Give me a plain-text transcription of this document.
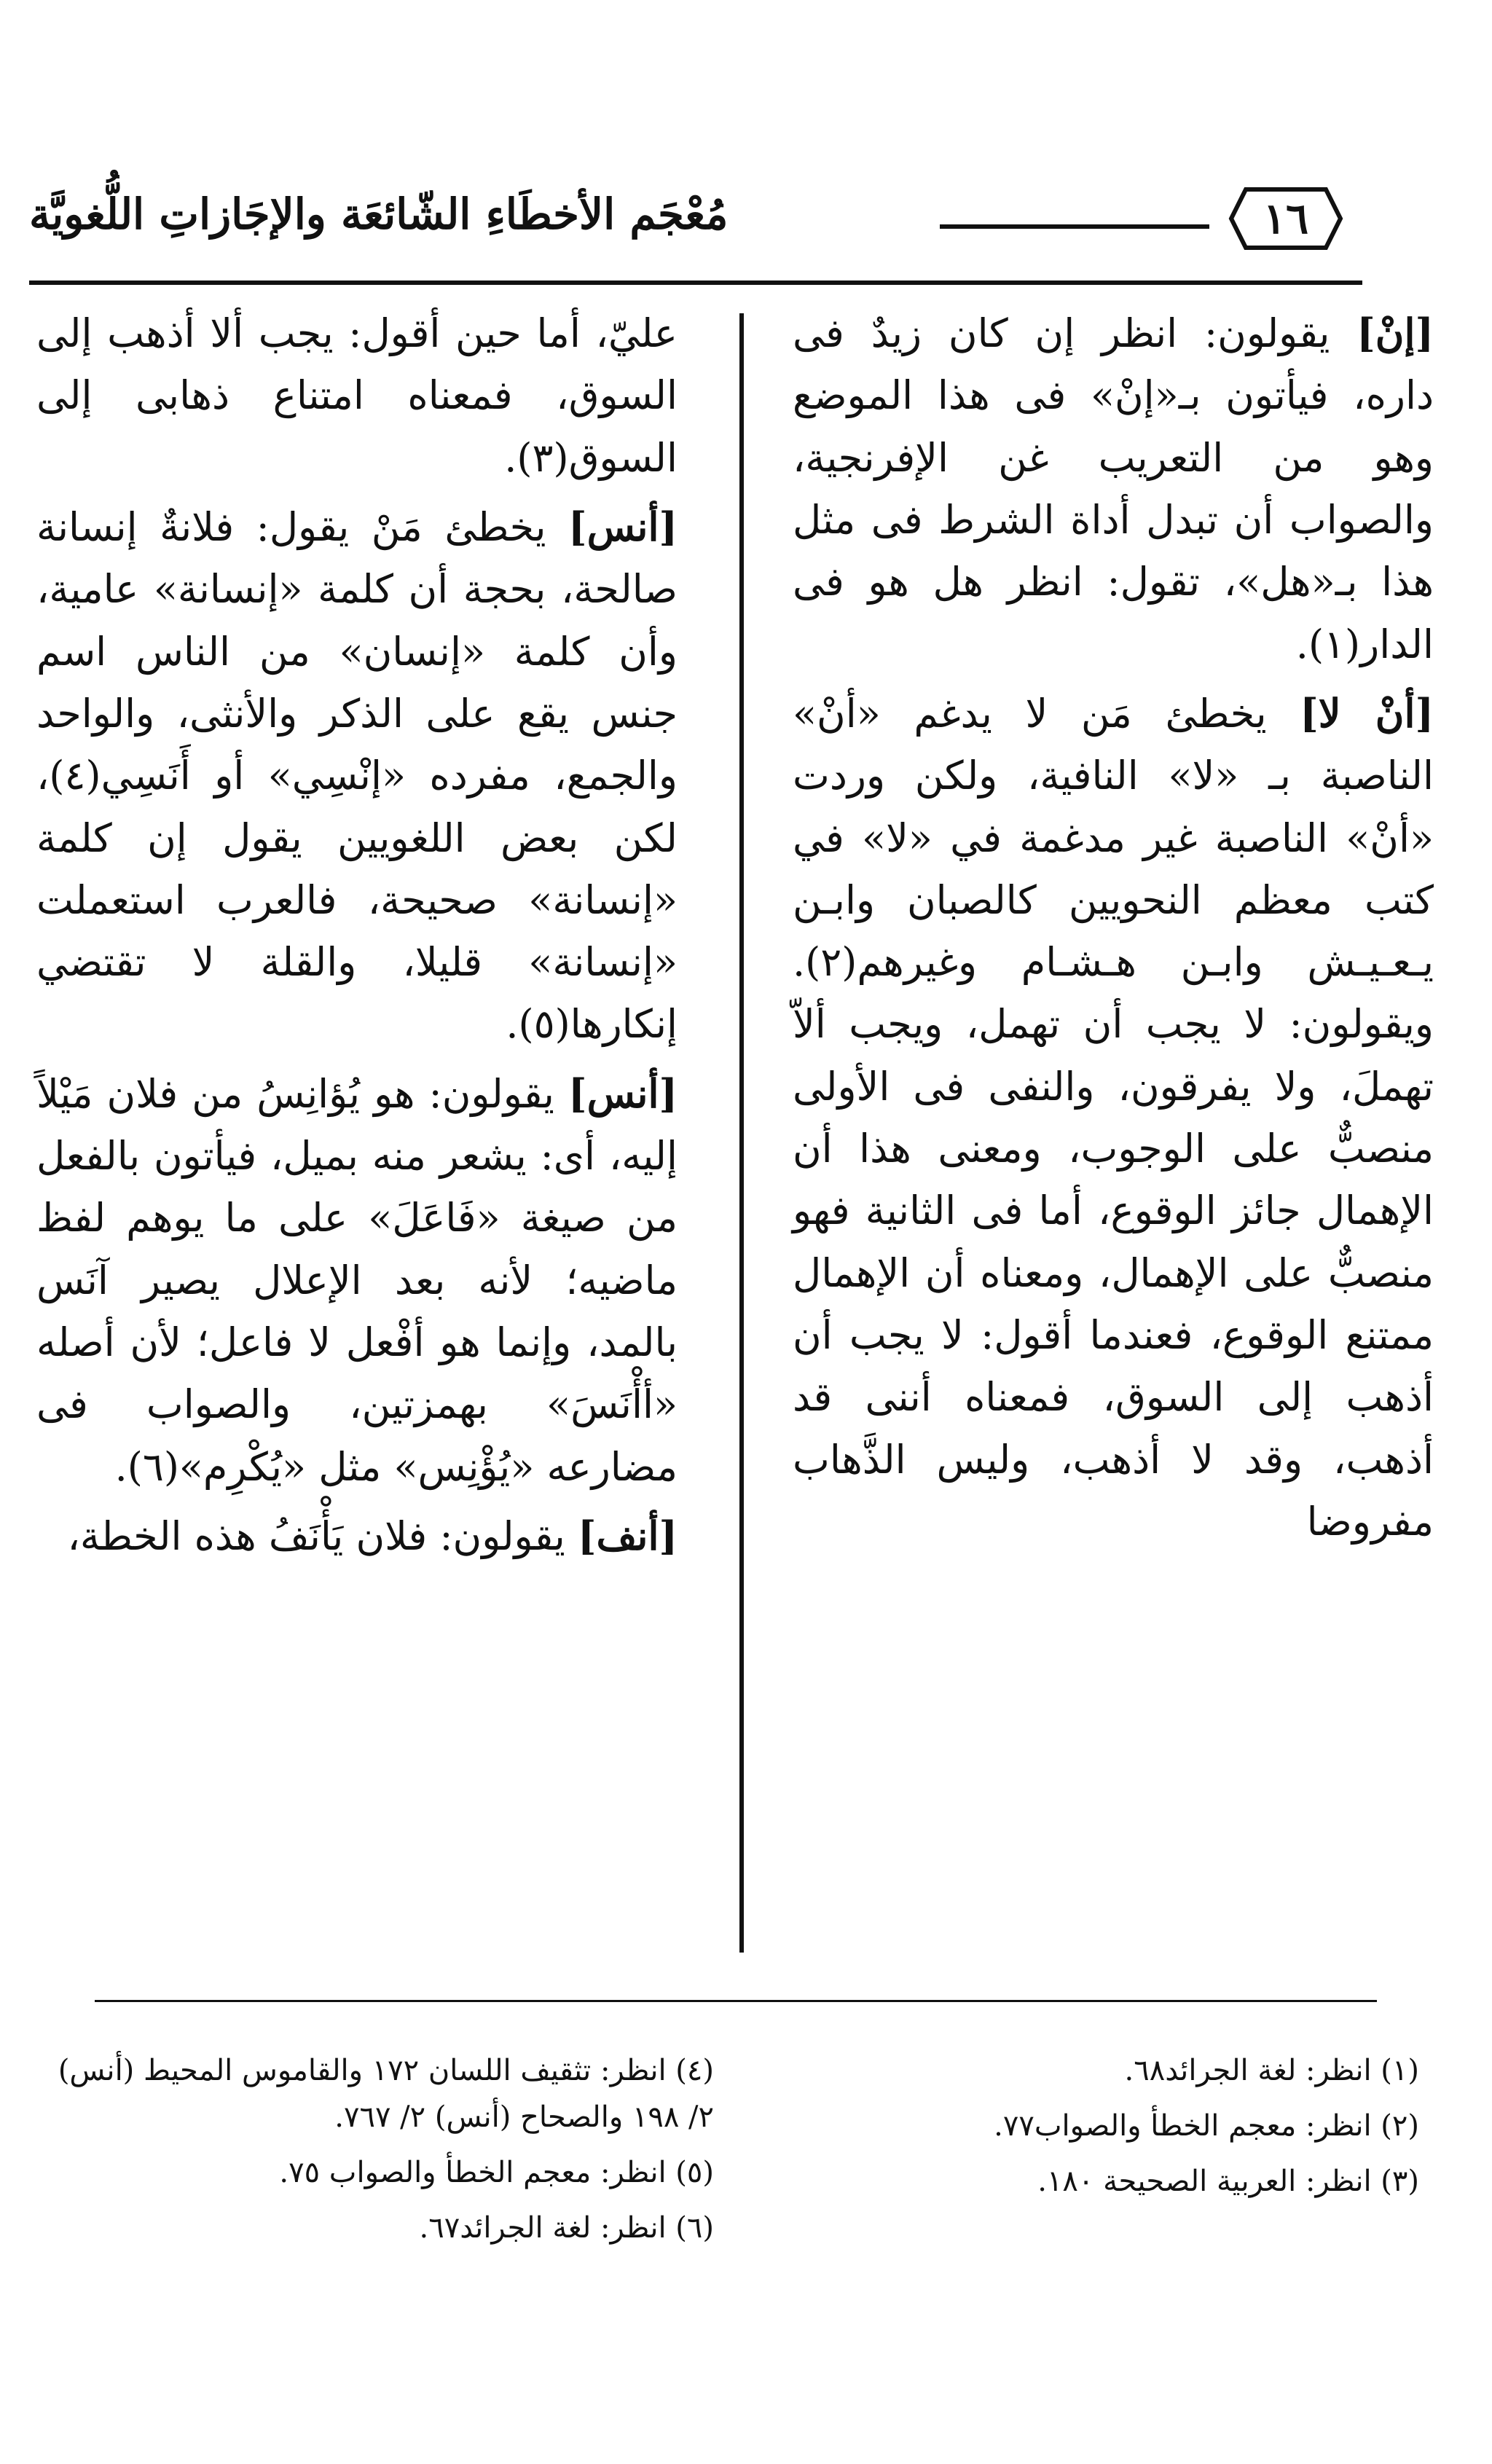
١٦
مُعْجَم الأخطَاءِ الشّائعَة والإجَازاتِ اللُّغويَّة

[إنْ] يقولون: انظر إن كان زيدٌ فى داره، فيأتون بـ«إنْ» فى هذا الموضع وهو من التعريب غن الإفرنجية، والصواب أن تبدل أداة الشرط فى مثل هذا بـ«هل»، تقول: انظر هل هو فى الدار(١).

[أنْ لا] يخطئ مَن لا يدغم «أنْ» الناصبة بـ «لا» النافية، ولكن وردت «أنْ» الناصبة غير مدغمة في «لا» في كتب معظم النحويين كالصبان وابـن يـعـيـش وابـن هـشـام وغيرهم(٢). ويقولون: لا يجب أن تهمل، ويجب ألاّ تهملَ، ولا يفرقون، والنفى فى الأولى منصبٌّ على الوجوب، ومعنى هذا أن الإهمال جائز الوقوع، أما فى الثانية فهو منصبٌّ على الإهمال، ومعناه أن الإهمال ممتنع الوقوع، فعندما أقول: لا يجب أن أذهب إلى السوق، فمعناه أننى قد أذهب، وقد لا أذهب، وليس الذَّهاب مفروضا

عليّ، أما حين أقول: يجب ألا أذهب إلى السوق، فمعناه امتناع ذهابى إلى السوق(٣).

[أنس] يخطئ مَنْ يقول: فلانةٌ إنسانة صالحة، بحجة أن كلمة «إنسانة» عامية، وأن كلمة «إنسان» من الناس اسم جنس يقع على الذكر والأنثى، والواحد والجمع، مفرده «إنْسِي» أو أَنَسِي(٤)، لكن بعض اللغويين يقول إن كلمة «إنسانة» صحيحة، فالعرب استعملت «إنسانة» قليلا، والقلة لا تقتضي إنكارها(٥).

[أنس] يقولون: هو يُؤانِسُ من فلان مَيْلاً إليه، أى: يشعر منه بميل، فيأتون بالفعل من صيغة «فَاعَلَ» على ما يوهم لفظ ماضيه؛ لأنه بعد الإعلال يصير آنَس بالمد، وإنما هو أفْعل لا فاعل؛ لأن أصله «أأْنَسَ» بهمزتين، والصواب فى مضارعه «يُؤْنِس» مثل «يُكْرِم»(٦).

[أنف] يقولون: فلان يَأْنَفُ هذه الخطة،

(١) انظر: لغة الجرائد٦٨.

(٢) انظر: معجم الخطأ والصواب٧٧.

(٣) انظر: العربية الصحيحة ١٨٠.

(٤) انظر: تثقيف اللسان ١٧٢ والقاموس المحيط (أنس) ٢/ ١٩٨ والصحاح (أنس) ٢/ ٧٦٧.

(٥) انظر: معجم الخطأ والصواب ٧٥.

(٦) انظر: لغة الجرائد٦٧.
